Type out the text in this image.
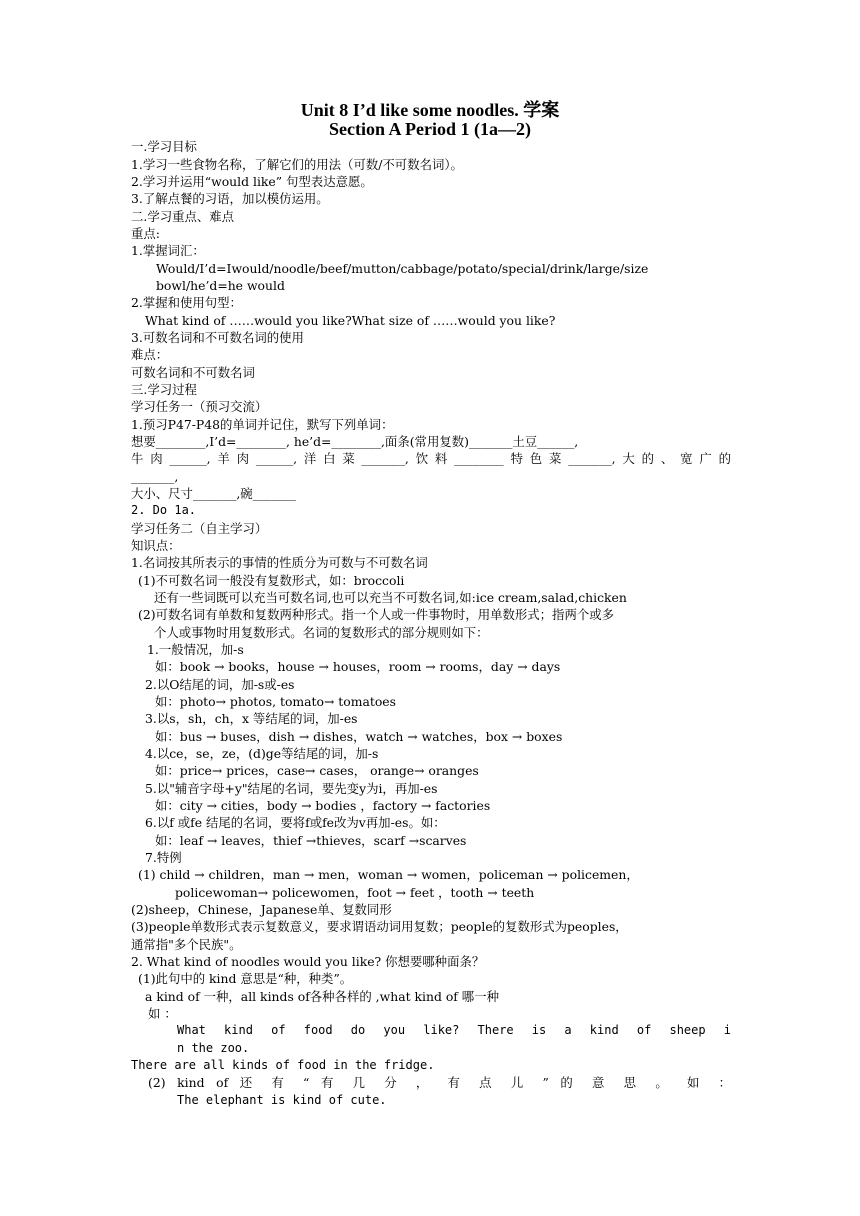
Unit 8 I’d like some noodles. 学案
Section A Period 1 (1a—2)
一.学习目标
1.学习一些食物名称，了解它们的用法（可数/不可数名词）。
2.学习并运用“would like” 句型表达意愿。
3.了解点餐的习语，加以模仿运用。
二.学习重点、难点
重点:
1.掌握词汇：
Would/I’d=Iwould/noodle/beef/mutton/cabbage/potato/special/drink/large/size
bowl/he’d=he would
2.掌握和使用句型：
What kind of ……would you like?What size of ……would you like?
3.可数名词和不可数名词的使用
难点：
可数名词和不可数名词
三.学习过程
学习任务一（预习交流）
1.预习P47-P48的单词并记住，默写下列单词：
想要________,I’d=________, he’d=________,面条(常用复数)_______土豆______,
牛肉______,羊肉______,洋白菜_______,饮料________特色菜_______,大的、宽广的
_______,
大小、尺寸_______,碗_______
2. Do 1a.
学习任务二（自主学习）
知识点：
1.名词按其所表示的事情的性质分为可数与不可数名词
(1)不可数名词一般没有复数形式，如：broccoli
还有一些词既可以充当可数名词,也可以充当不可数名词,如:ice cream,salad,chicken
(2)可数名词有单数和复数两种形式。指一个人或一件事物时，用单数形式；指两个或多
个人或事物时用复数形式。名词的复数形式的部分规则如下：
1.一般情况，加-s
如：book → books，house → houses，room → rooms，day → days
2.以O结尾的词，加-s或-es
如：photo→ photos, tomato→ tomatoes
3.以s，sh，ch，x 等结尾的词，加-es
如：bus → buses，dish → dishes，watch → watches，box → boxes
4.以ce，se，ze，(d)ge等结尾的词，加-s
如：price→ prices，case→ cases， orange→ oranges
5.以"辅音字母+y"结尾的名词，要先变y为i，再加-es
如：city → cities，body → bodies ，factory → factories
6.以f 或fe 结尾的名词，要将f或fe改为v再加-es。如：
如：leaf → leaves，thief →thieves，scarf →scarves
7.特例
(1) child → children，man → men，woman → women，policeman → policemen，
policewoman→ policewomen，foot → feet ，tooth → teeth
(2)sheep，Chinese，Japanese单、复数同形
(3)people单数形式表示复数意义，要求谓语动词用复数；people的复数形式为peoples，
通常指"多个民族"。
2. What kind of noodles would you like? 你想要哪种面条？
(1)此句中的 kind 意思是“种，种类”。
a kind of 一种，all kinds of各种各样的 ,what kind of 哪一种
如 ：
What kind of food do you like? There is a kind of sheep i
n the zoo.
There are all kinds of food in the fridge.
(2) kind of 还 有 “ 有 几 分 ， 有 点 儿 ” 的 意 思 。 如 ：
The elephant is kind of cute.
